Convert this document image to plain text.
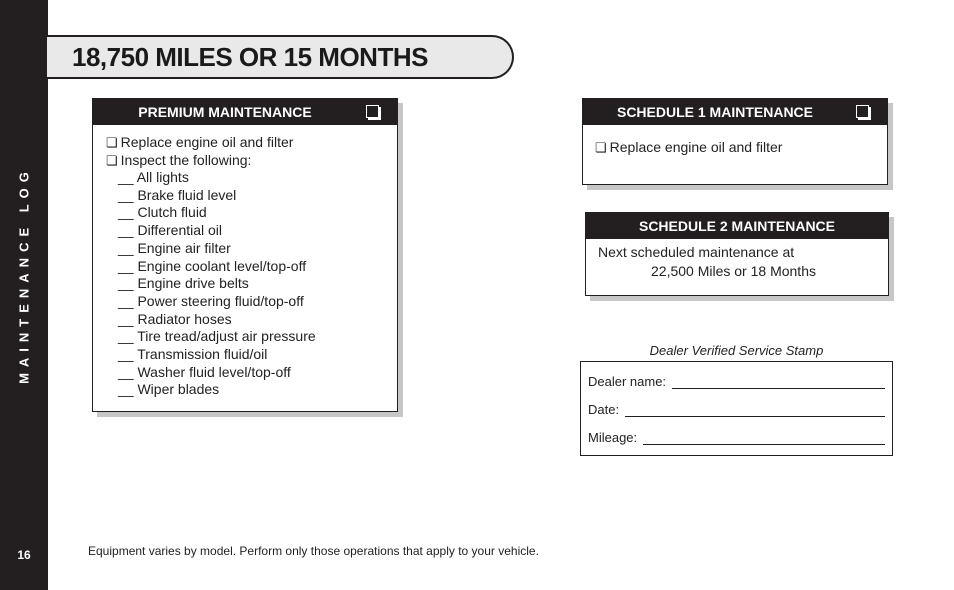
MAINTENANCE LOG
16
18,750 MILES OR 15 MONTHS
PREMIUM MAINTENANCE
❏ Replace engine oil and filter
❏ Inspect the following:
__ All lights
__ Brake fluid level
__ Clutch fluid
__ Differential oil
__ Engine air filter
__ Engine coolant level/top-off
__ Engine drive belts
__ Power steering fluid/top-off
__ Radiator hoses
__ Tire tread/adjust air pressure
__ Transmission fluid/oil
__ Washer fluid level/top-off
__ Wiper blades
SCHEDULE 1 MAINTENANCE
❏ Replace engine oil and filter
SCHEDULE 2 MAINTENANCE
Next scheduled maintenance at
22,500 Miles or 18 Months
Dealer Verified Service Stamp
Dealer name:
Date:
Mileage:
Equipment varies by model. Perform only those operations that apply to your vehicle.
